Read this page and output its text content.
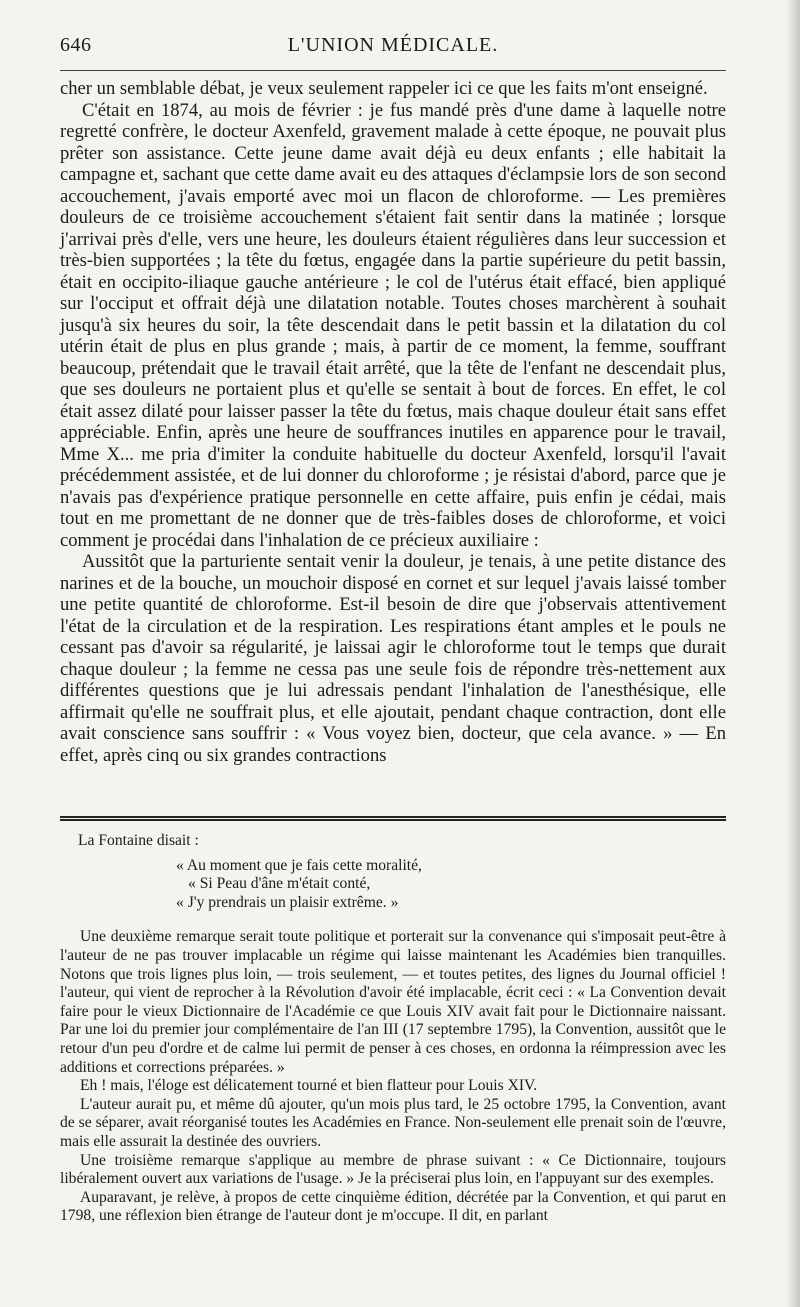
646	L'UNION MÉDICALE.

cher un semblable débat, je veux seulement rappeler ici ce que les faits m'ont enseigné.

C'était en 1874, au mois de février : je fus mandé près d'une dame à laquelle notre regretté confrère, le docteur Axenfeld, gravement malade à cette époque, ne pouvait plus prêter son assistance. Cette jeune dame avait déjà eu deux enfants ; elle habitait la campagne et, sachant que cette dame avait eu des attaques d'éclampsie lors de son second accouchement, j'avais emporté avec moi un flacon de chloroforme. — Les premières douleurs de ce troisième accouchement s'étaient fait sentir dans la matinée ; lorsque j'arrivai près d'elle, vers une heure, les douleurs étaient régulières dans leur succession et très-bien supportées ; la tête du fœtus, engagée dans la partie supérieure du petit bassin, était en occipito-iliaque gauche antérieure ; le col de l'utérus était effacé, bien appliqué sur l'occiput et offrait déjà une dilatation notable. Toutes choses marchèrent à souhait jusqu'à six heures du soir, la tête descendait dans le petit bassin et la dilatation du col utérin était de plus en plus grande ; mais, à partir de ce moment, la femme, souffrant beaucoup, prétendait que le travail était arrêté, que la tête de l'enfant ne descendait plus, que ses douleurs ne portaient plus et qu'elle se sentait à bout de forces. En effet, le col était assez dilaté pour laisser passer la tête du fœtus, mais chaque douleur était sans effet appréciable. Enfin, après une heure de souffrances inutiles en apparence pour le travail, Mme X... me pria d'imiter la conduite habituelle du docteur Axenfeld, lorsqu'il l'avait précédemment assistée, et de lui donner du chloroforme ; je résistai d'abord, parce que je n'avais pas d'expérience pratique personnelle en cette affaire, puis enfin je cédai, mais tout en me promettant de ne donner que de très-faibles doses de chloroforme, et voici comment je procédai dans l'inhalation de ce précieux auxiliaire :

Aussitôt que la parturiente sentait venir la douleur, je tenais, à une petite distance des narines et de la bouche, un mouchoir disposé en cornet et sur lequel j'avais laissé tomber une petite quantité de chloroforme. Est-il besoin de dire que j'observais attentivement l'état de la circulation et de la respiration. Les respirations étant amples et le pouls ne cessant pas d'avoir sa régularité, je laissai agir le chloroforme tout le temps que durait chaque douleur ; la femme ne cessa pas une seule fois de répondre très-nettement aux différentes questions que je lui adressais pendant l'inhalation de l'anesthésique, elle affirmait qu'elle ne souffrait plus, et elle ajoutait, pendant chaque contraction, dont elle avait conscience sans souffrir : « Vous voyez bien, docteur, que cela avance. » — En effet, après cinq ou six grandes contractions

La Fontaine disait :

« Au moment que je fais cette moralité,
« Si Peau d'âne m'était conté,
« J'y prendrais un plaisir extrême. »

Une deuxième remarque serait toute politique et porterait sur la convenance qui s'imposait peut-être à l'auteur de ne pas trouver implacable un régime qui laisse maintenant les Académies bien tranquilles. Notons que trois lignes plus loin, — trois seulement, — et toutes petites, des lignes du Journal officiel ! l'auteur, qui vient de reprocher à la Révolution d'avoir été implacable, écrit ceci : « La Convention devait faire pour le vieux Dictionnaire de l'Académie ce que Louis XIV avait fait pour le Dictionnaire naissant. Par une loi du premier jour complémentaire de l'an III (17 septembre 1795), la Convention, aussitôt que le retour d'un peu d'ordre et de calme lui permit de penser à ces choses, en ordonna la réimpression avec les additions et corrections préparées. »

Eh ! mais, l'éloge est délicatement tourné et bien flatteur pour Louis XIV.

L'auteur aurait pu, et même dû ajouter, qu'un mois plus tard, le 25 octobre 1795, la Convention, avant de se séparer, avait réorganisé toutes les Académies en France. Non-seulement elle prenait soin de l'œuvre, mais elle assurait la destinée des ouvriers.

Une troisième remarque s'applique au membre de phrase suivant : « Ce Dictionnaire, toujours libéralement ouvert aux variations de l'usage. » Je la préciserai plus loin, en l'appuyant sur des exemples.

Auparavant, je relève, à propos de cette cinquième édition, décrétée par la Convention, et qui parut en 1798, une réflexion bien étrange de l'auteur dont je m'occupe. Il dit, en parlant
